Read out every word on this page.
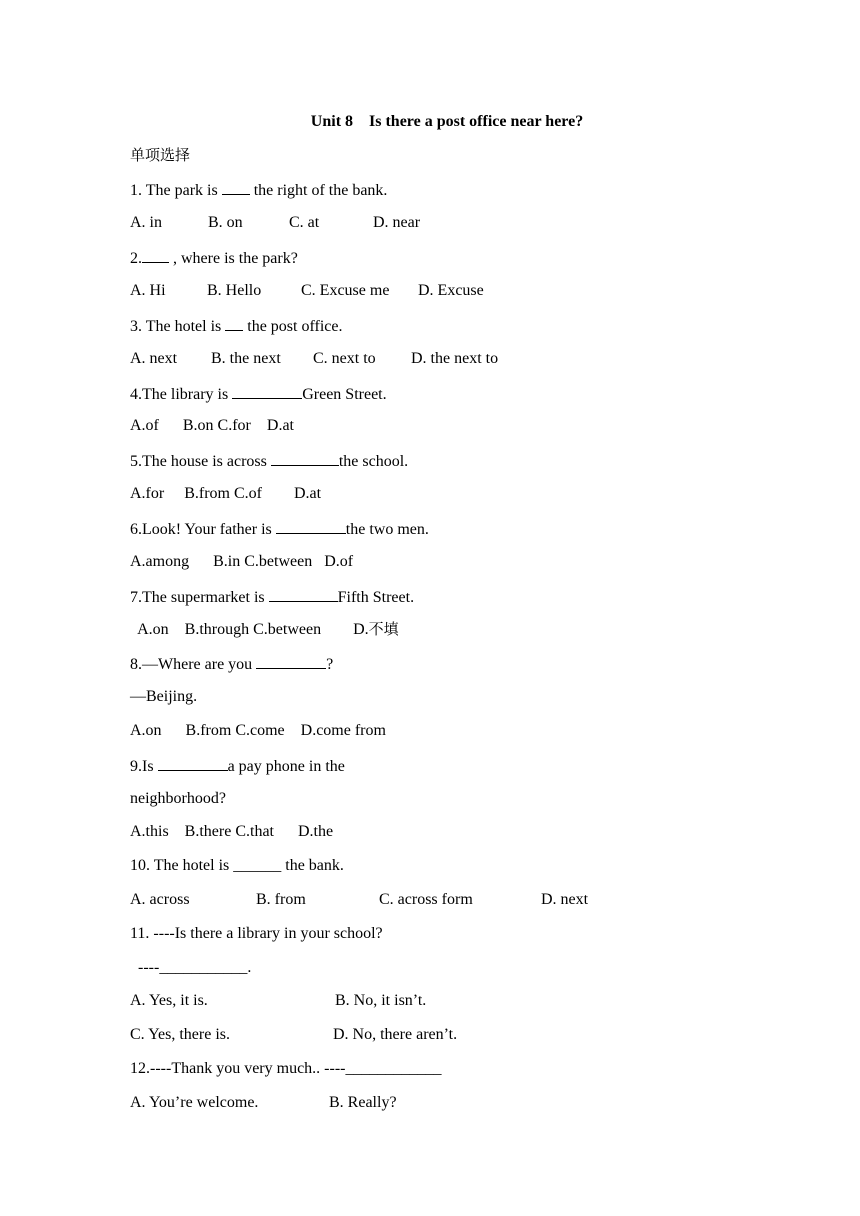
Unit 8    Is there a post office near here?
单项选择
1. The park is  the right of the bank.

A. in

	B. on

	C. at

	D. near

2. , where is the park?

A. Hi

	B. Hello

C. Excuse me

D. Excuse

3. The hotel is  the post office.

A. next

B. the next

C. next to

D. the next to

4.The library is	Green Street.
A.of      B.on C.for    D.at
5.The house is across	the school.
A.for     B.from C.of        D.at
6.Look! Your father is	the two men.
A.among      B.in C.between   D.of
7.The supermarket is	Fifth Street.
A.on    B.through C.between        D.不填
8.—Where are you	?
—Beijing.
A.on      B.from C.come    D.come from
9.Is	a pay phone in the
neighborhood?
A.this    B.there C.that      D.the
10. The hotel is ______ the bank.

A. across

	B. from

	C. across form

	D. next

11. ----Is there a library in your school?
----___________.

A. Yes, it is.

	B. No, it isn’t.

C. Yes, there is.

	D. No, there aren’t.

12.----Thank you very much.. ----____________

A. You’re welcome.

	B. Really?
